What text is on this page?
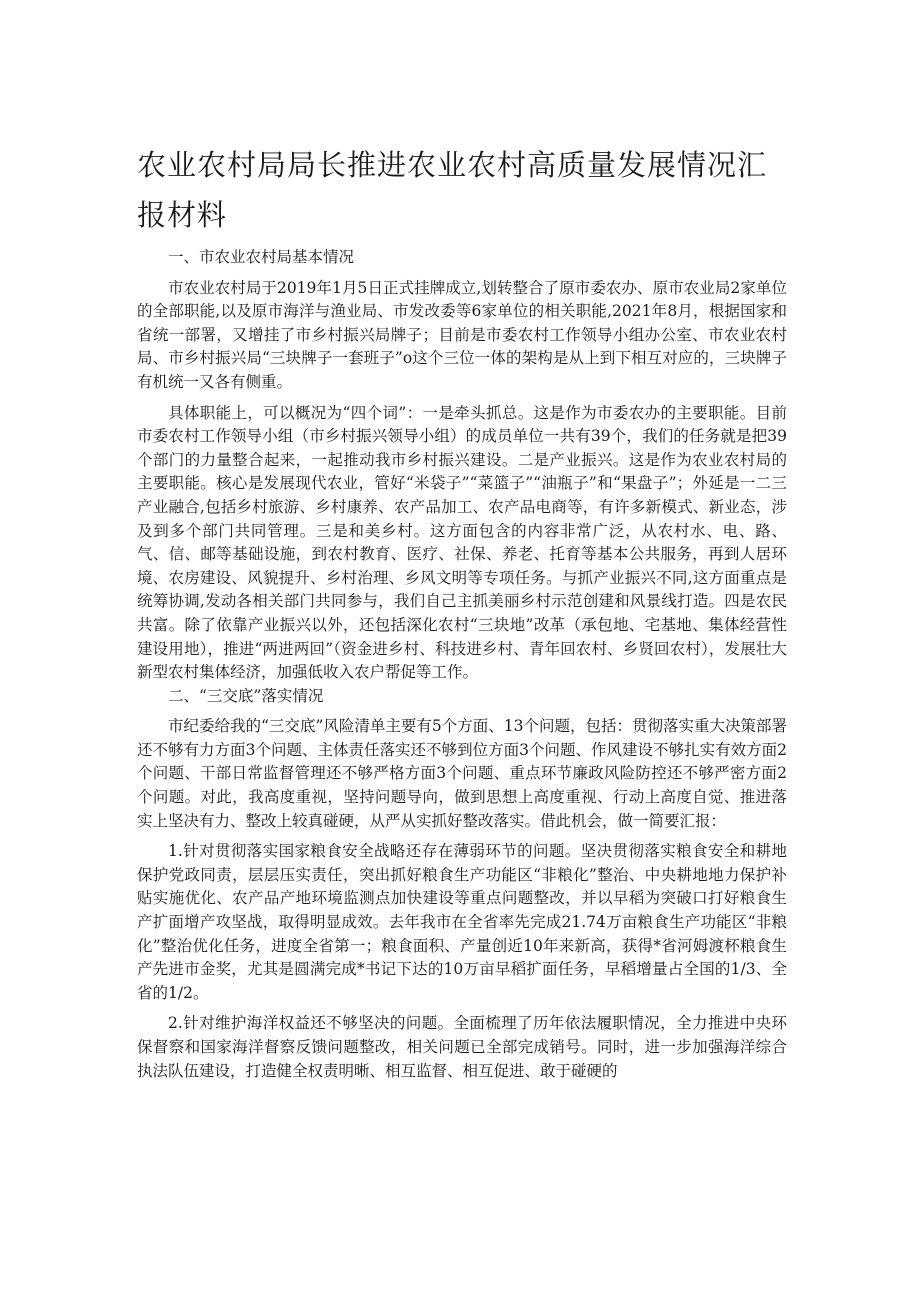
农业农村局局长推进农业农村高质量发展情况汇报材料

一、市农业农村局基本情况

市农业农村局于2019年1月5日正式挂牌成立,划转整合了原市委农办、原市农业局2家单位的全部职能,以及原市海洋与渔业局、市发改委等6家单位的相关职能,2021年8月，根据国家和省统一部署，又增挂了市乡村振兴局牌子；目前是市委农村工作领导小组办公室、市农业农村局、市乡村振兴局“三块牌子一套班子”o这个三位一体的架构是从上到下相互对应的，三块牌子有机统一又各有侧重。

具体职能上，可以概况为“四个词”：一是牵头抓总。这是作为市委农办的主要职能。目前市委农村工作领导小组（市乡村振兴领导小组）的成员单位一共有39个，我们的任务就是把39个部门的力量整合起来，一起推动我市乡村振兴建设。二是产业振兴。这是作为农业农村局的主要职能。核心是发展现代农业，管好“米袋子”“菜篮子”“油瓶子”和“果盘子”；外延是一二三产业融合,包括乡村旅游、乡村康养、农产品加工、农产品电商等，有许多新模式、新业态，涉及到多个部门共同管理。三是和美乡村。这方面包含的内容非常广泛，从农村水、电、路、气、信、邮等基础设施，到农村教育、医疗、社保、养老、托育等基本公共服务，再到人居环境、农房建设、风貌提升、乡村治理、乡风文明等专项任务。与抓产业振兴不同,这方面重点是统筹协调,发动各相关部门共同参与，我们自己主抓美丽乡村示范创建和风景线打造。四是农民共富。除了依靠产业振兴以外，还包括深化农村“三块地”改革（承包地、宅基地、集体经营性建设用地），推进“两进两回”（资金进乡村、科技进乡村、青年回农村、乡贤回农村），发展壮大新型农村集体经济，加强低收入农户帮促等工作。

二、“三交底”落实情况

市纪委给我的“三交底”风险清单主要有5个方面、13个问题，包括：贯彻落实重大决策部署还不够有力方面3个问题、主体责任落实还不够到位方面3个问题、作风建设不够扎实有效方面2个问题、干部日常监督管理还不够严格方面3个问题、重点环节廉政风险防控还不够严密方面2个问题。对此，我高度重视，坚持问题导向，做到思想上高度重视、行动上高度自觉、推进落实上坚决有力、整改上较真碰硬，从严从实抓好整改落实。借此机会，做一简要汇报：

1.针对贯彻落实国家粮食安全战略还存在薄弱环节的问题。坚决贯彻落实粮食安全和耕地保护党政同责，层层压实责任，突出抓好粮食生产功能区“非粮化”整治、中央耕地地力保护补贴实施优化、农产品产地环境监测点加快建设等重点问题整改，并以早稻为突破口打好粮食生产扩面增产攻坚战，取得明显成效。去年我市在全省率先完成21.74万亩粮食生产功能区“非粮化”整治优化任务，进度全省第一；粮食面积、产量创近10年来新高，获得*省河姆渡杯粮食生产先进市金奖，尤其是圆满完成*书记下达的10万亩早稻扩面任务，早稻增量占全国的1/3、全省的1/2。

2.针对维护海洋权益还不够坚决的问题。全面梳理了历年依法履职情况，全力推进中央环保督察和国家海洋督察反馈问题整改，相关问题已全部完成销号。同时，进一步加强海洋综合执法队伍建设，打造健全权责明晰、相互监督、相互促进、敢于碰硬的
